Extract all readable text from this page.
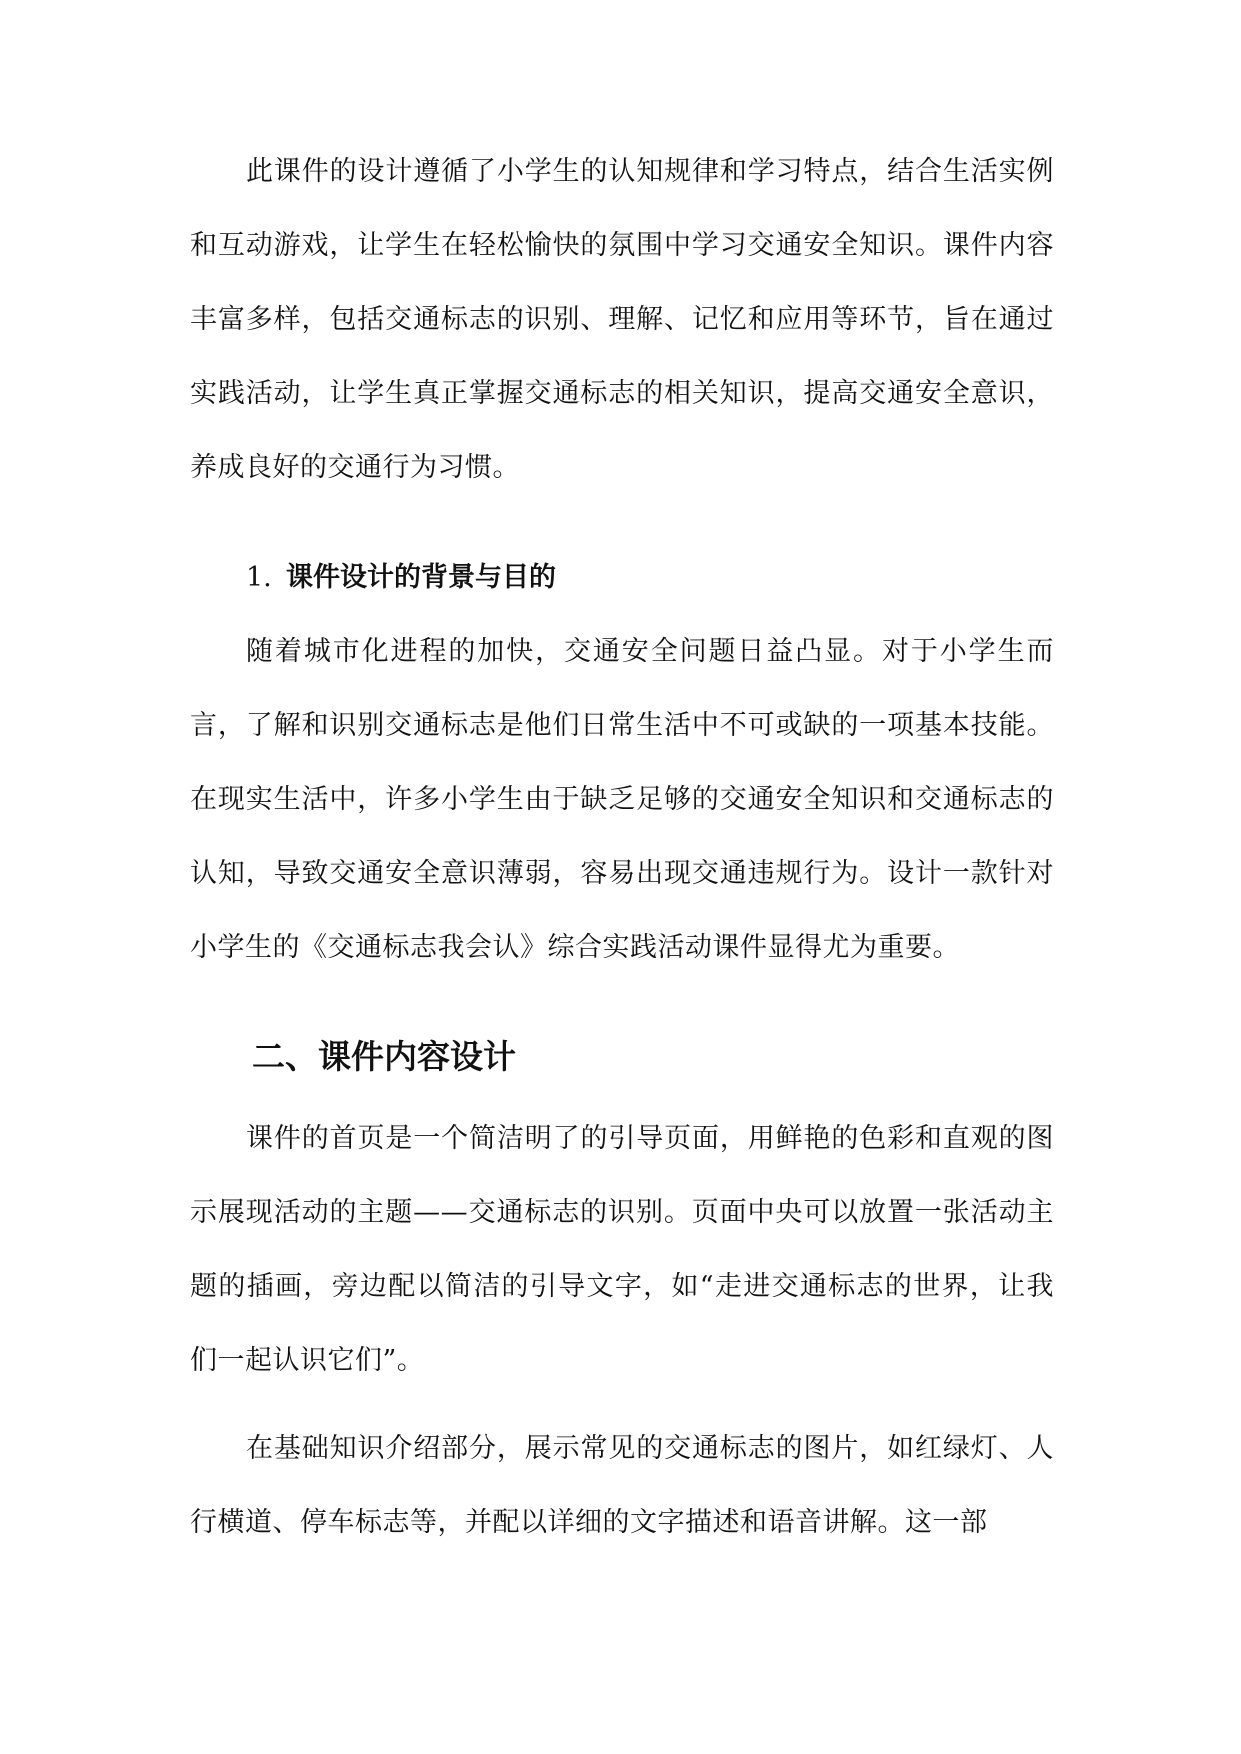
此课件的设计遵循了小学生的认知规律和学习特点，结合生活实例和互动游戏，让学生在轻松愉快的氛围中学习交通安全知识。课件内容丰富多样，包括交通标志的识别、理解、记忆和应用等环节，旨在通过实践活动，让学生真正掌握交通标志的相关知识，提高交通安全意识，养成良好的交通行为习惯。

1. 课件设计的背景与目的

随着城市化进程的加快，交通安全问题日益凸显。对于小学生而言，了解和识别交通标志是他们日常生活中不可或缺的一项基本技能。在现实生活中，许多小学生由于缺乏足够的交通安全知识和交通标志的认知，导致交通安全意识薄弱，容易出现交通违规行为。设计一款针对小学生的《交通标志我会认》综合实践活动课件显得尤为重要。

二、课件内容设计

课件的首页是一个简洁明了的引导页面，用鲜艳的色彩和直观的图示展现活动的主题——交通标志的识别。页面中央可以放置一张活动主题的插画，旁边配以简洁的引导文字，如“走进交通标志的世界，让我们一起认识它们”。

在基础知识介绍部分，展示常见的交通标志的图片，如红绿灯、人行横道、停车标志等，并配以详细的文字描述和语音讲解。这一部
